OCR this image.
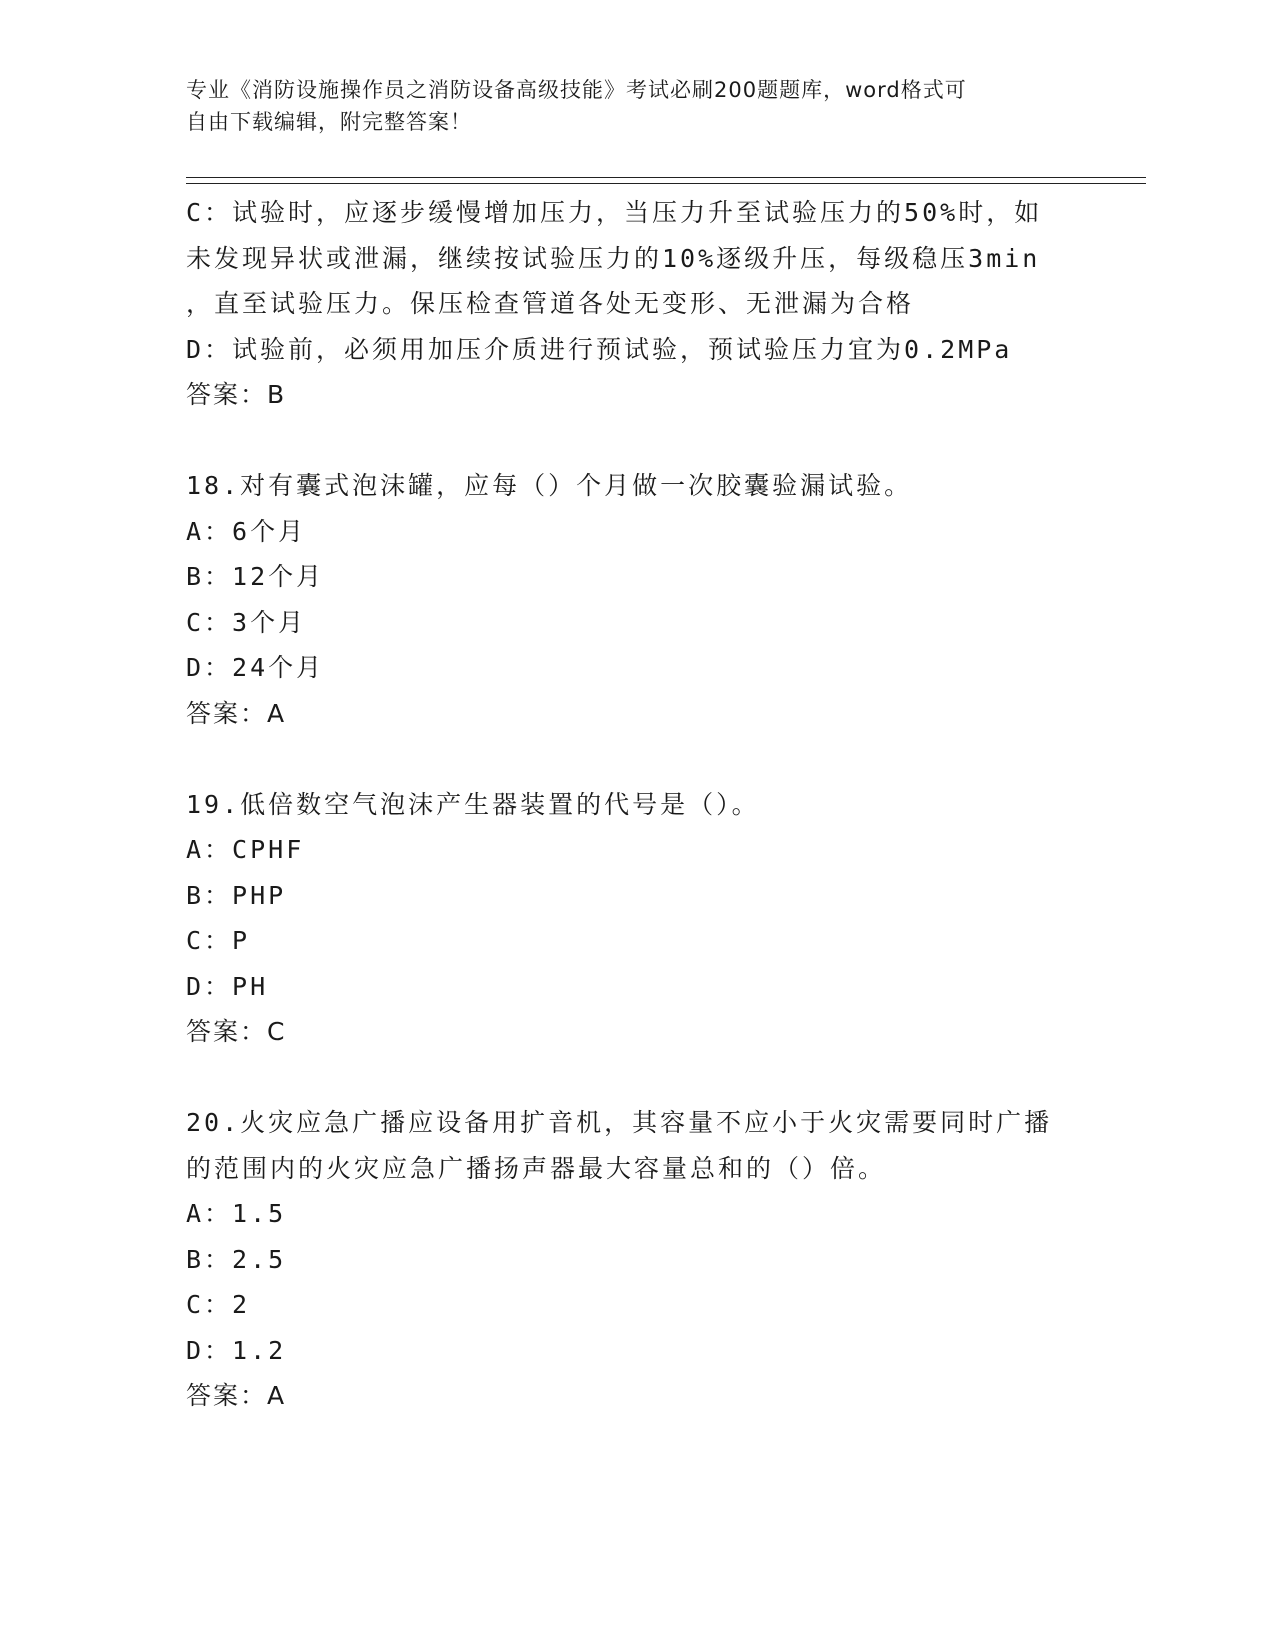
专业《消防设施操作员之消防设备高级技能》考试必刷200题题库，word格式可
自由下载编辑，附完整答案！
C：试验时，应逐步缓慢增加压力，当压力升至试验压力的50%时，如
未发现异状或泄漏，继续按试验压力的10%逐级升压，每级稳压3min
，直至试验压力。保压检查管道各处无变形、无泄漏为合格
D：试验前，必须用加压介质进行预试验，预试验压力宜为0.2MPa
答案：B
18.对有囊式泡沫罐，应每（）个月做一次胶囊验漏试验。
A：6个月
B：12个月
C：3个月
D：24个月
答案：A
19.低倍数空气泡沫产生器装置的代号是（）。
A：CPHF
B：PHP
C：P
D：PH
答案：C
20.火灾应急广播应设备用扩音机，其容量不应小于火灾需要同时广播
的范围内的火灾应急广播扬声器最大容量总和的（）倍。
A：1.5
B：2.5
C：2
D：1.2
答案：A
